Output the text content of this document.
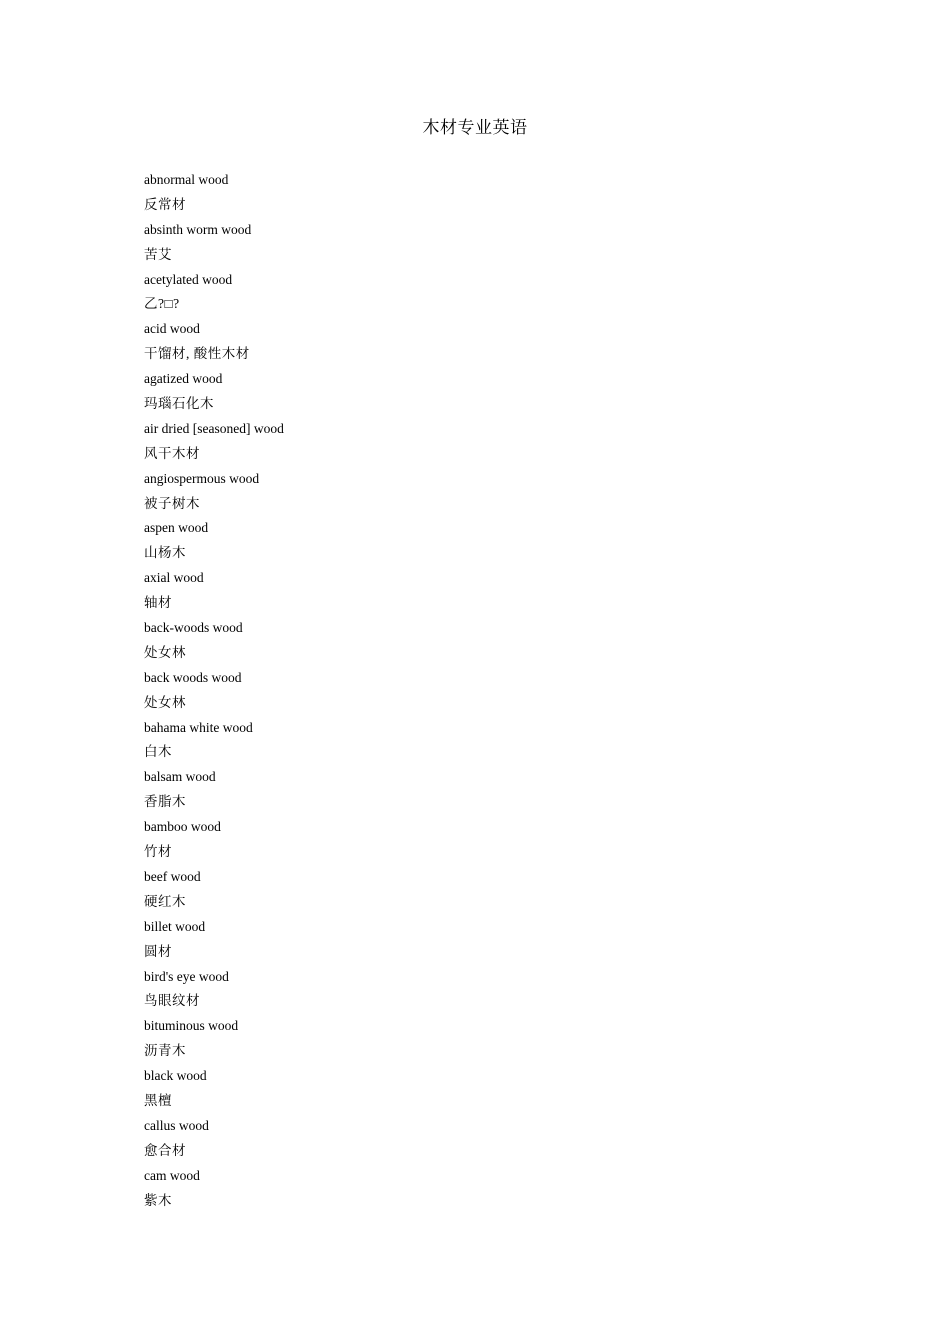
木材专业英语
abnormal wood
反常材
absinth worm wood
苦艾
acetylated wood
乙?□?
acid wood
干馏材, 酸性木材
agatized wood
玛瑙石化木
air dried [seasoned] wood
风干木材
angiospermous wood
被子树木
aspen wood
山杨木
axial wood
轴材
back-woods wood
处女林
back woods wood
处女林
bahama white wood
白木
balsam wood
香脂木
bamboo wood
竹材
beef wood
硬红木
billet wood
圆材
bird's eye wood
鸟眼纹材
bituminous wood
沥青木
black wood
黑檀
callus wood
愈合材
cam wood
紫木
